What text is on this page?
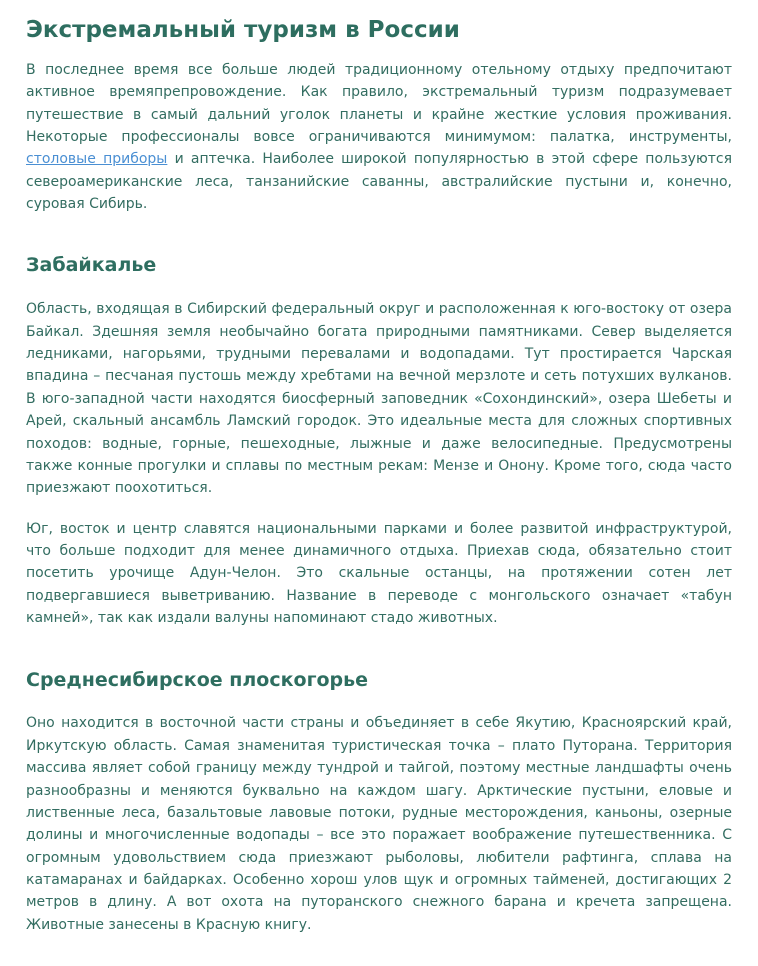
Экстремальный туризм в России

В последнее время все больше людей традиционному отельному отдыху предпочитают активное времяпрепровождение. Как правило, экстремальный туризм подразумевает путешествие в самый дальний уголок планеты и крайне жесткие условия проживания. Некоторые профессионалы вовсе ограничиваются минимумом: палатка, инструменты, столовые приборы и аптечка. Наиболее широкой популярностью в этой сфере пользуются североамериканские леса, танзанийские саванны, австралийские пустыни и, конечно, суровая Сибирь.

Забайкалье

Область, входящая в Сибирский федеральный округ и расположенная к юго-востоку от озера Байкал. Здешняя земля необычайно богата природными памятниками. Север выделяется ледниками, нагорьями, трудными перевалами и водопадами. Тут простирается Чарская впадина – песчаная пустошь между хребтами на вечной мерзлоте и сеть потухших вулканов. В юго-западной части находятся биосферный заповедник «Сохондинский», озера Шебеты и Арей, скальный ансамбль Ламский городок. Это идеальные места для сложных спортивных походов: водные, горные, пешеходные, лыжные и даже велосипедные. Предусмотрены также конные прогулки и сплавы по местным рекам: Мензе и Онону. Кроме того, сюда часто приезжают поохотиться.

Юг, восток и центр славятся национальными парками и более развитой инфраструктурой, что больше подходит для менее динамичного отдыха. Приехав сюда, обязательно стоит посетить урочище Адун-Челон. Это скальные останцы, на протяжении сотен лет подвергавшиеся выветриванию. Название в переводе с монгольского означает «табун камней», так как издали валуны напоминают стадо животных.

Среднесибирское плоскогорье

Оно находится в восточной части страны и объединяет в себе Якутию, Красноярский край, Иркутскую область. Самая знаменитая туристическая точка – плато Путорана. Территория массива являет собой границу между тундрой и тайгой, поэтому местные ландшафты очень разнообразны и меняются буквально на каждом шагу. Арктические пустыни, еловые и лиственные леса, базальтовые лавовые потоки, рудные месторождения, каньоны, озерные долины и многочисленные водопады – все это поражает воображение путешественника. С огромным удовольствием сюда приезжают рыболовы, любители рафтинга, сплава на катамаранах и байдарках. Особенно хорош улов щук и огромных тайменей, достигающих 2 метров в длину. А вот охота на путоранского снежного барана и кречета запрещена. Животные занесены в Красную книгу.
